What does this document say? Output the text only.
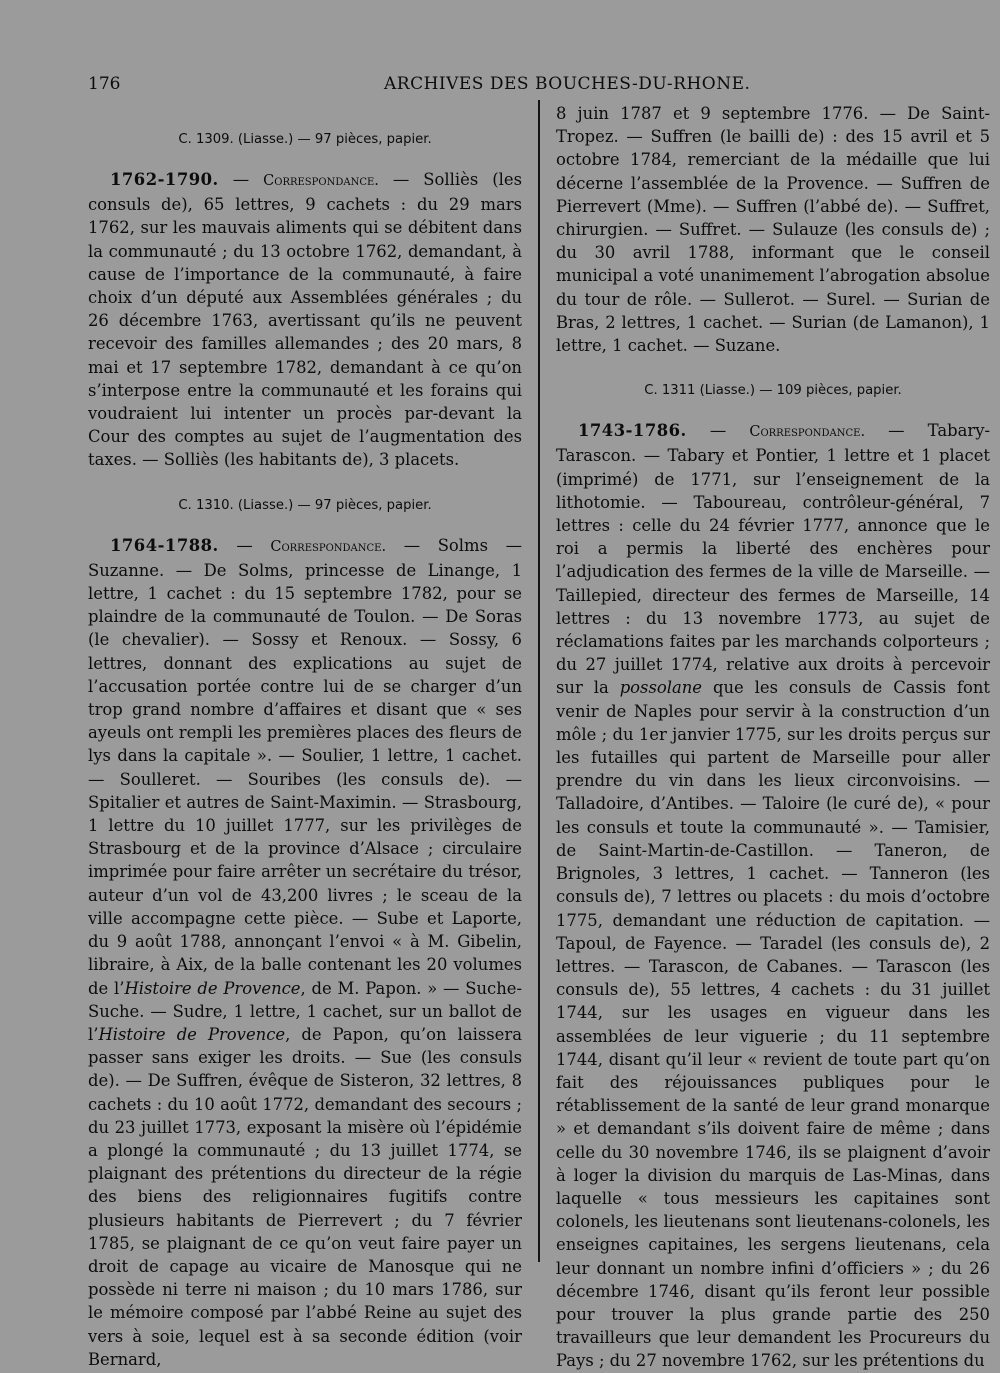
176	ARCHIVES DES BOUCHES-DU-RHONE.

C. 1309. (Liasse.) — 97 pièces, papier.

1762-1790. — Correspondance. — Solliès (les consuls de), 65 lettres, 9 cachets : du 29 mars 1762, sur les mauvais aliments qui se débitent dans la communauté ; du 13 octobre 1762, demandant, à cause de l’importance de la communauté, à faire choix d’un député aux Assemblées générales ; du 26 décembre 1763, avertissant qu’ils ne peuvent recevoir des familles allemandes ; des 20 mars, 8 mai et 17 septembre 1782, demandant à ce qu’on s’interpose entre la communauté et les forains qui voudraient lui intenter un procès par-devant la Cour des comptes au sujet de l’augmentation des taxes. — Solliès (les habitants de), 3 placets.

C. 1310. (Liasse.) — 97 pièces, papier.

1764-1788. — Correspondance. — Solms — Suzanne. — De Solms, princesse de Linange, 1 lettre, 1 cachet : du 15 septembre 1782, pour se plaindre de la communauté de Toulon. — De Soras (le chevalier). — Sossy et Renoux. — Sossy, 6 lettres, donnant des explications au sujet de l’accusation portée contre lui de se charger d’un trop grand nombre d’affaires et disant que « ses ayeuls ont rempli les premières places des fleurs de lys dans la capitale ». — Soulier, 1 lettre, 1 cachet. — Soulleret. — Souribes (les consuls de). — Spitalier et autres de Saint-Maximin. — Strasbourg, 1 lettre du 10 juillet 1777, sur les privilèges de Strasbourg et de la province d’Alsace ; circulaire imprimée pour faire arrêter un secrétaire du trésor, auteur d’un vol de 43,200 livres ; le sceau de la ville accompagne cette pièce. — Sube et Laporte, du 9 août 1788, annonçant l’envoi « à M. Gibelin, libraire, à Aix, de la balle contenant les 20 volumes de l’Histoire de Provence, de M. Papon. » — Suche-Suche. — Sudre, 1 lettre, 1 cachet, sur un ballot de l’Histoire de Provence, de Papon, qu’on laissera passer sans exiger les droits. — Sue (les consuls de). — De Suffren, évêque de Sisteron, 32 lettres, 8 cachets : du 10 août 1772, demandant des secours ; du 23 juillet 1773, exposant la misère où l’épidémie a plongé la communauté ; du 13 juillet 1774, se plaignant des prétentions du directeur de la régie des biens des religionnaires fugitifs contre plusieurs habitants de Pierrevert ; du 7 février 1785, se plaignant de ce qu’on veut faire payer un droit de capage au vicaire de Manosque qui ne possède ni terre ni maison ; du 10 mars 1786, sur le mémoire composé par l’abbé Reine au sujet des vers à soie, lequel est à sa seconde édition (voir Bernard,

8 juin 1787 et 9 septembre 1776. — De Saint-Tropez. — Suffren (le bailli de) : des 15 avril et 5 octobre 1784, remerciant de la médaille que lui décerne l’assemblée de la Provence. — Suffren de Pierrevert (Mme). — Suffren (l’abbé de). — Suffret, chirurgien. — Suffret. — Sulauze (les consuls de) ; du 30 avril 1788, informant que le conseil municipal a voté unanimement l’abrogation absolue du tour de rôle. — Sullerot. — Surel. — Surian de Bras, 2 lettres, 1 cachet. — Surian (de Lamanon), 1 lettre, 1 cachet. — Suzane.

C. 1311 (Liasse.) — 109 pièces, papier.

1743-1786. — Correspondance. — Tabary-Tarascon. — Tabary et Pontier, 1 lettre et 1 placet (imprimé) de 1771, sur l’enseignement de la lithotomie. — Taboureau, contrôleur-général, 7 lettres : celle du 24 février 1777, annonce que le roi a permis la liberté des enchères pour l’adjudication des fermes de la ville de Marseille. — Taillepied, directeur des fermes de Marseille, 14 lettres : du 13 novembre 1773, au sujet de réclamations faites par les marchands colporteurs ; du 27 juillet 1774, relative aux droits à percevoir sur la possolane que les consuls de Cassis font venir de Naples pour servir à la construction d’un môle ; du 1er janvier 1775, sur les droits perçus sur les futailles qui partent de Marseille pour aller prendre du vin dans les lieux circonvoisins. — Talladoire, d’Antibes. — Taloire (le curé de), « pour les consuls et toute la communauté ». — Tamisier, de Saint-Martin-de-Castillon. — Taneron, de Brignoles, 3 lettres, 1 cachet. — Tanneron (les consuls de), 7 lettres ou placets : du mois d’octobre 1775, demandant une réduction de capitation. — Tapoul, de Fayence. — Taradel (les consuls de), 2 lettres. — Tarascon, de Cabanes. — Tarascon (les consuls de), 55 lettres, 4 cachets : du 31 juillet 1744, sur les usages en vigueur dans les assemblées de leur viguerie ; du 11 septembre 1744, disant qu’il leur « revient de toute part qu’on fait des réjouissances publiques pour le rétablissement de la santé de leur grand monarque » et demandant s’ils doivent faire de même ; dans celle du 30 novembre 1746, ils se plaignent d’avoir à loger la division du marquis de Las-Minas, dans laquelle « tous messieurs les capitaines sont colonels, les lieutenans sont lieutenans-colonels, les enseignes capitaines, les sergens lieutenans, cela leur donnant un nombre infini d’officiers » ; du 26 décembre 1746, disant qu’ils feront leur possible pour trouver la plus grande partie des 250 travailleurs que leur demandent les Procureurs du Pays ; du 27 novembre 1762, sur les prétentions du
